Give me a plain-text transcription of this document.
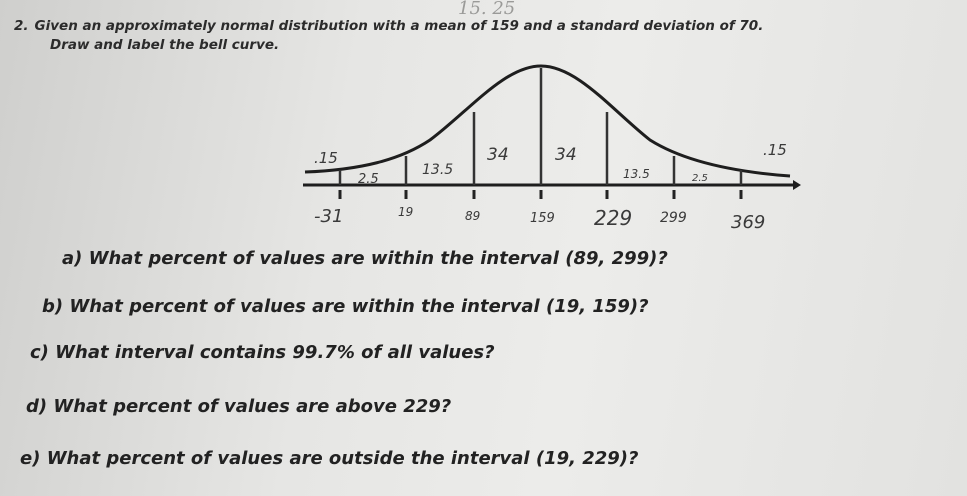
15. 25
2. Given an approximately normal distribution with a mean of 159 and a standard deviation of 70.
Draw and label the bell curve.
2.5
13.5
34	34
13.5	2.5
.15	.15
-31	19	89	159 229 299 369
a) What percent of values are within the interval (89, 299)?
b) What percent of values are within the interval (19, 159)?
c) What interval contains 99.7% of all values?
d) What percent of values are above 229?
e) What percent of values are outside the interval (19, 229)?
